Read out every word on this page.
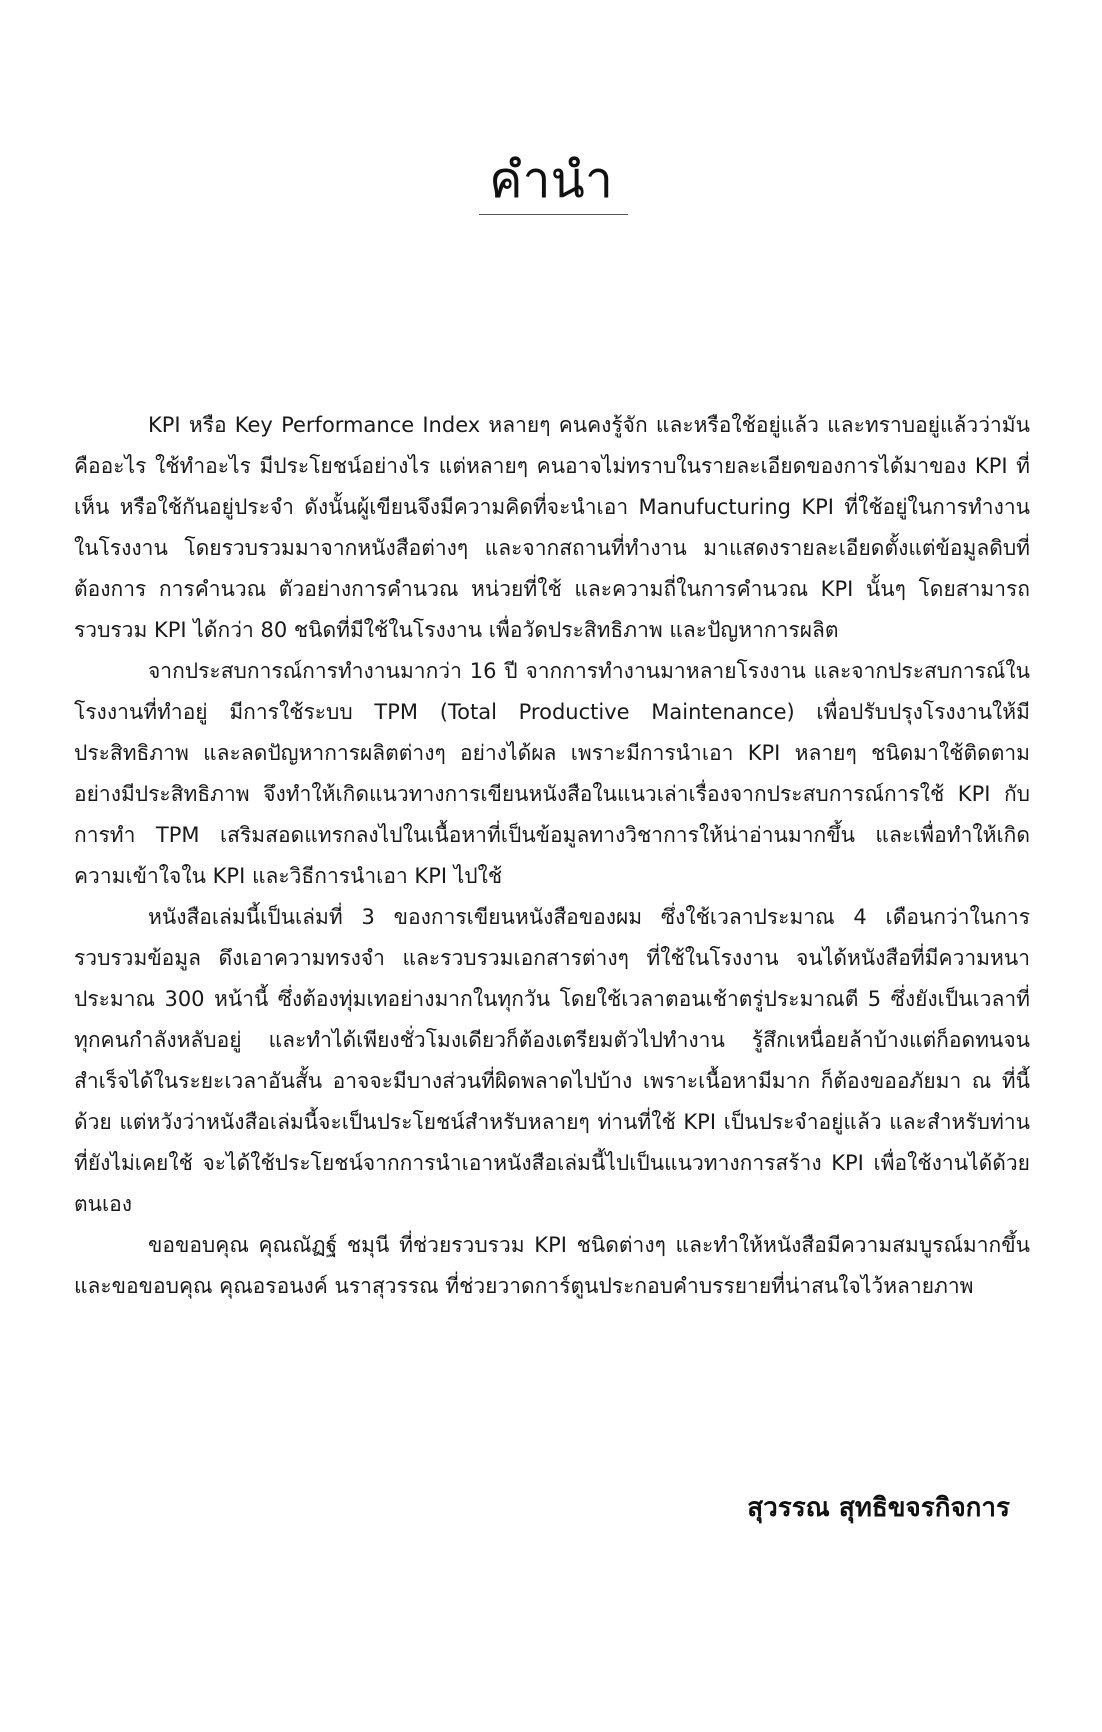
คำนำ

KPI หรือ Key Performance Index หลายๆ คนคงรู้จัก และหรือใช้อยู่แล้ว และทราบอยู่แล้วว่ามันคืออะไร ใช้ทำอะไร มีประโยชน์อย่างไร แต่หลายๆ คนอาจไม่ทราบในรายละเอียดของการได้มาของ KPI ที่เห็น หรือใช้กันอยู่ประจำ ดังนั้นผู้เขียนจึงมีความคิดที่จะนำเอา Manufucturing KPI ที่ใช้อยู่ในการทำงานในโรงงาน โดยรวบรวมมาจากหนังสือต่างๆ และจากสถานที่ทำงาน มาแสดงรายละเอียดตั้งแต่ข้อมูลดิบที่ต้องการ การคำนวณ ตัวอย่างการคำนวณ หน่วยที่ใช้ และความถี่ในการคำนวณ KPI นั้นๆ โดยสามารถรวบรวม KPI ได้กว่า 80 ชนิดที่มีใช้ในโรงงาน เพื่อวัดประสิทธิภาพ และปัญหาการผลิต

จากประสบการณ์การทำงานมากว่า 16 ปี จากการทำงานมาหลายโรงงาน และจากประสบการณ์ในโรงงานที่ทำอยู่ มีการใช้ระบบ TPM (Total Productive Maintenance) เพื่อปรับปรุงโรงงานให้มีประสิทธิภาพ และลดปัญหาการผลิตต่างๆ อย่างได้ผล เพราะมีการนำเอา KPI หลายๆ ชนิดมาใช้ติดตามอย่างมีประสิทธิภาพ จึงทำให้เกิดแนวทางการเขียนหนังสือในแนวเล่าเรื่องจากประสบการณ์การใช้ KPI กับการทำ TPM เสริมสอดแทรกลงไปในเนื้อหาที่เป็นข้อมูลทางวิชาการให้น่าอ่านมากขึ้น และเพื่อทำให้เกิดความเข้าใจใน KPI และวิธีการนำเอา KPI ไปใช้

หนังสือเล่มนี้เป็นเล่มที่ 3 ของการเขียนหนังสือของผม ซึ่งใช้เวลาประมาณ 4 เดือนกว่าในการรวบรวมข้อมูล ดึงเอาความทรงจำ และรวบรวมเอกสารต่างๆ ที่ใช้ในโรงงาน จนได้หนังสือที่มีความหนาประมาณ 300 หน้านี้ ซึ่งต้องทุ่มเทอย่างมากในทุกวัน โดยใช้เวลาตอนเช้าตรู่ประมาณตี 5 ซึ่งยังเป็นเวลาที่ทุกคนกำลังหลับอยู่ และทำได้เพียงชั่วโมงเดียวก็ต้องเตรียมตัวไปทำงาน รู้สึกเหนื่อยล้าบ้างแต่ก็อดทนจนสำเร็จได้ในระยะเวลาอันสั้น อาจจะมีบางส่วนที่ผิดพลาดไปบ้าง เพราะเนื้อหามีมาก ก็ต้องขออภัยมา ณ ที่นี้ด้วย แต่หวังว่าหนังสือเล่มนี้จะเป็นประโยชน์สำหรับหลายๆ ท่านที่ใช้ KPI เป็นประจำอยู่แล้ว และสำหรับท่านที่ยังไม่เคยใช้ จะได้ใช้ประโยชน์จากการนำเอาหนังสือเล่มนี้ไปเป็นแนวทางการสร้าง KPI เพื่อใช้งานได้ด้วยตนเอง

ขอขอบคุณ คุณณัฏฐ์ ชมุนี ที่ช่วยรวบรวม KPI ชนิดต่างๆ และทำให้หนังสือมีความสมบูรณ์มากขึ้น และขอขอบคุณ คุณอรอนงค์ นราสุวรรณ ที่ช่วยวาดการ์ตูนประกอบคำบรรยายที่น่าสนใจไว้หลายภาพ

สุวรรณ สุทธิขจรกิจการ
